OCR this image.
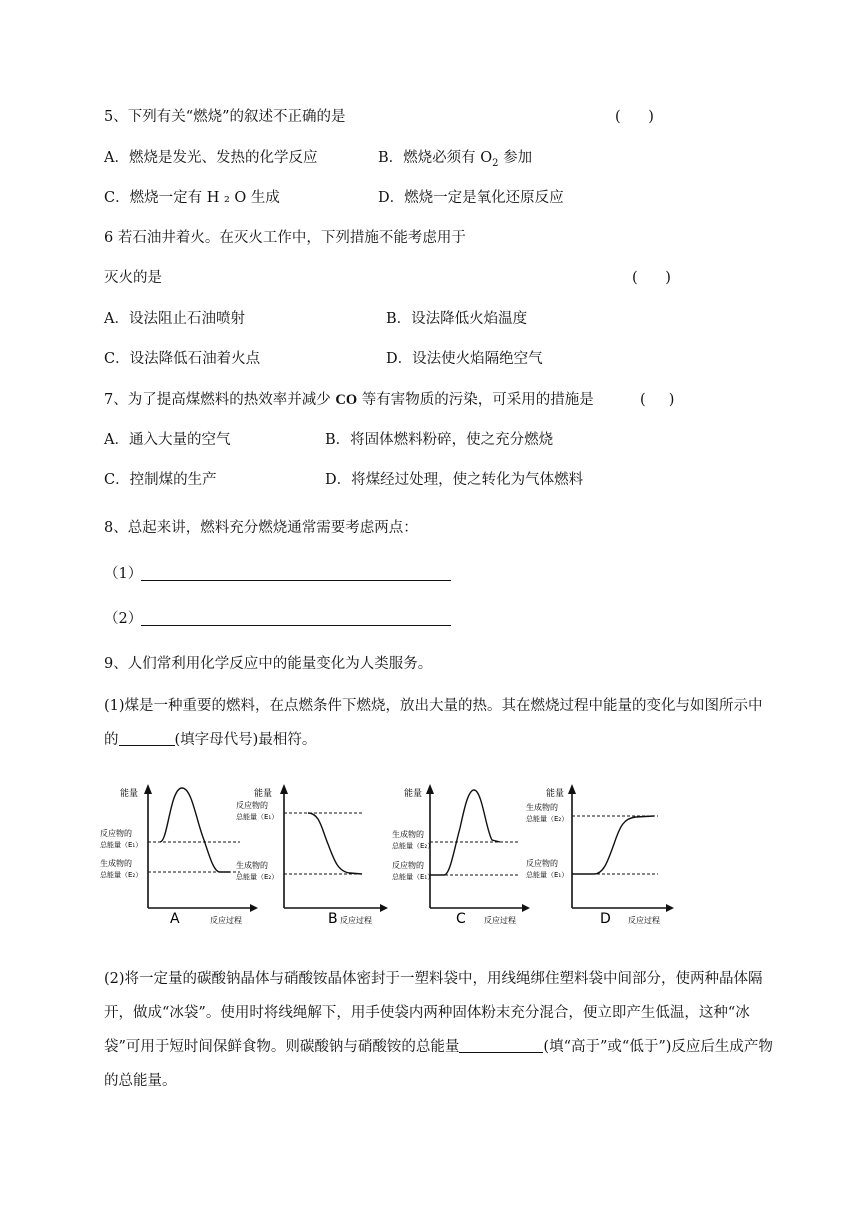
5、下列有关“燃烧”的叙述不正确的是	(      )
A．燃烧是发光、发热的化学反应	B．燃烧必须有 $O_2$ 参加
C．燃烧一定有 H ₂ O 生成	D．燃烧一定是氧化还原反应
6 若石油井着火。在灭火工作中，下列措施不能考虑用于
灭火的是	(      )
A．设法阻止石油喷射	B．设法降低火焰温度
C．设法降低石油着火点	D．设法使火焰隔绝空气
7、为了提高煤燃料的热效率并减少 CO 等有害物质的污染，可采用的措施是	(     )
A．通入大量的空气	B．将固体燃料粉碎，使之充分燃烧
C．控制煤的生产	D．将煤经过处理，使之转化为气体燃料
8、总起来讲，燃料充分燃烧通常需要考虑两点：
（1）
（2）
9、人们常利用化学反应中的能量变化为人类服务。
(1)煤是一种重要的燃料，在点燃条件下燃烧，放出大量的热。其在燃烧过程中能量的变化与如图所示中的	(填字母代号)最相符。
能量
反应过程
反应物的
总能量（E₁）
生成物的
总能量（E₂）
A
能量
反应过程
反应物的
总能量（E₁）
生成物的
总能量（E₂）
B
能量
反应过程
生成物的
总能量（E₂）
反应物的
总能量（E₁）
C
能量
反应过程
生成物的
总能量（E₂）
反应物的
总能量（E₁）
D
(2)将一定量的碳酸钠晶体与硝酸铵晶体密封于一塑料袋中，用线绳绑住塑料袋中间部分，使两种晶体隔开，做成“冰袋”。使用时将线绳解下，用手使袋内两种固体粉末充分混合，便立即产生低温，这种“冰袋”可用于短时间保鲜食物。则碳酸钠与硝酸铵的总能量	(填“高于”或“低于”)反应后生成产物的总能量。
